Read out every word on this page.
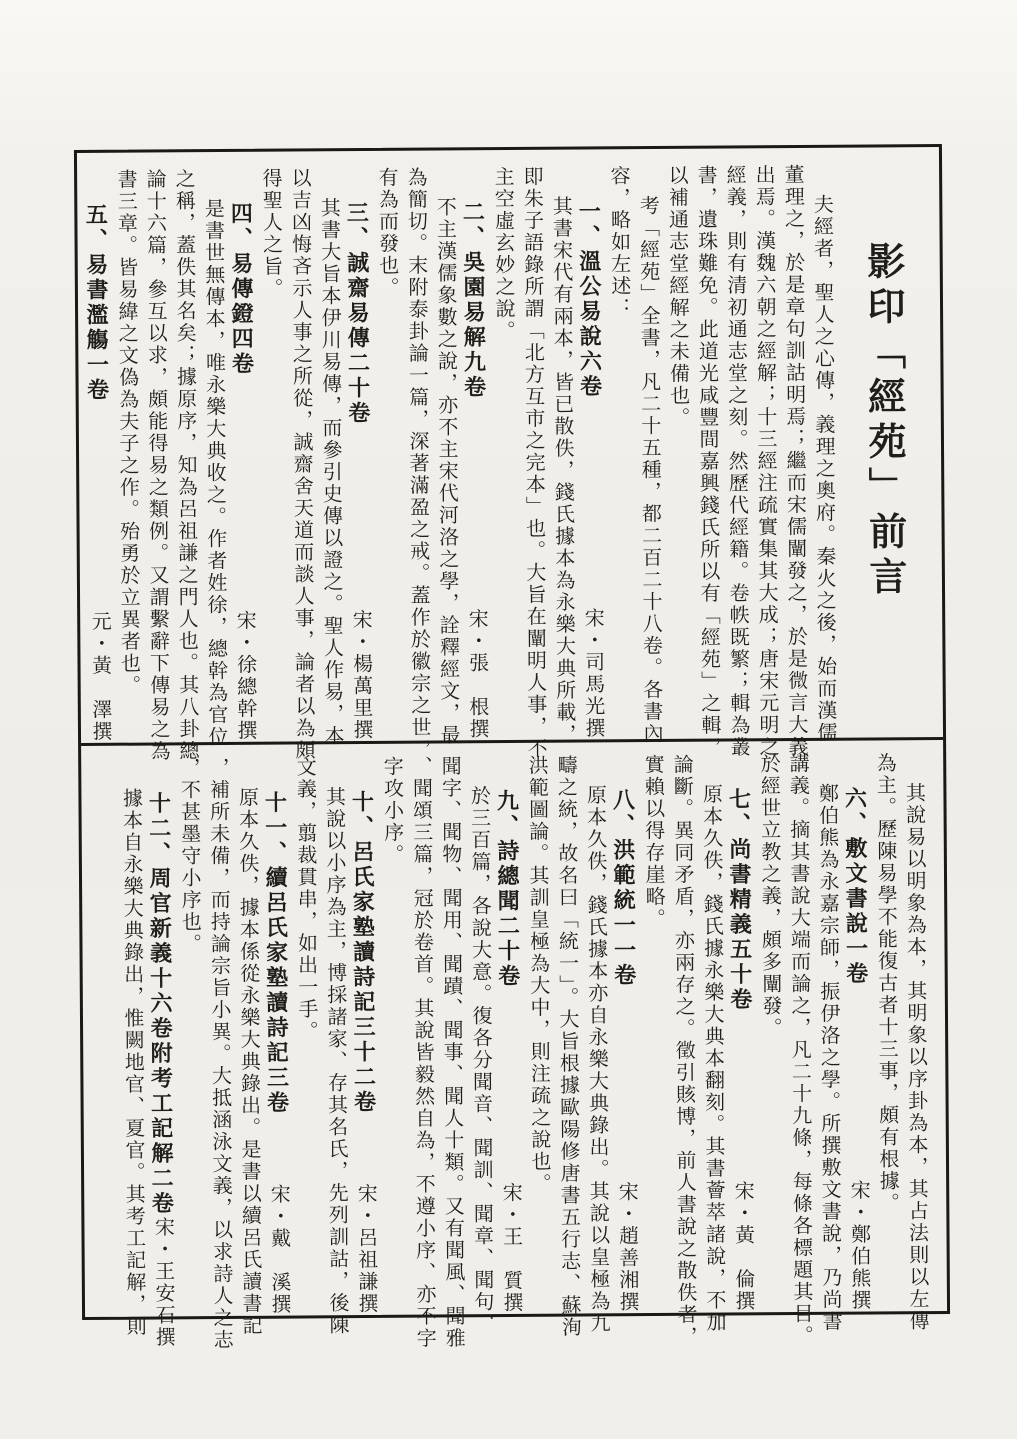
影印「經苑」前言
夫經者，聖人之心傳，義理之奧府。秦火之後，始而漢儒
董理之，於是章句訓詁明焉；繼而宋儒闡發之，於是微言大義
出焉。漢魏六朝之經解；十三經注疏實集其大成；唐宋元明之
經義，則有清初通志堂之刻。然歷代經籍。卷帙既繁；輯為叢
書，遺珠難免。此道光咸豐間嘉興錢氏所以有「經苑」之輯，
以補通志堂經解之未備也。
考「經苑」全書，凡二十五種，都二百二十八卷。各書內
容，略如左述：
一、溫公易說六卷
宋・司馬光撰
其書宋代有兩本，皆已散佚，錢氏據本為永樂大典所載，
即朱子語錄所謂「北方互市之完本」也。大旨在闡明人事，不
主空虛玄妙之說。
二、吳園易解九卷
宋・張　根撰
不主漢儒象數之說，亦不主宋代河洛之學，詮釋經文，最
為簡切。末附泰卦論一篇，深著滿盈之戒。蓋作於徽宗之世，
有為而發也。
三、誠齋易傳二十卷
宋・楊萬里撰
其書大旨本伊川易傳，而參引史傳以證之。聖人作易，本
以吉凶悔吝示人事之所從，誠齋舍天道而談人事，論者以為頗
得聖人之旨。
四、易傳鐙四卷
宋・徐總幹撰
是書世無傳本，唯永樂大典收之。作者姓徐，總幹為官位
之稱，蓋佚其名矣；據原序，知為呂祖謙之門人也。其八卦總
論十六篇，參互以求，頗能得易之類例。又謂繫辭下傳易之為
書三章。皆易緯之文偽為夫子之作。殆勇於立異者也。
五、易書濫觴一卷
元・黃　澤撰
其說易以明象為本，其明象以序卦為本，其占法則以左傳
為主。歷陳易學不能復古者十三事，頗有根據。
六、敷文書說一卷
宋・鄭伯熊撰
鄭伯熊為永嘉宗師，振伊洛之學。所撰敷文書說，乃尚書
講義。摘其書說大端而論之，凡二十九條，每條各標題其目。
於經世立教之義，頗多闡發。
七、尚書精義五十卷
宋・黃　倫撰
原本久佚，錢氏據永樂大典本翻刻。其書薈萃諸說，不加
論斷。異同矛盾，亦兩存之。徵引賅博，前人書說之散佚者，
實賴以得存崖略。
八、洪範統一一卷
宋・趙善湘撰
原本久佚，錢氏據本亦自永樂大典錄出。其說以皇極為九
疇之統，故名曰「統一」。大旨根據歐陽修唐書五行志、蘇洵
洪範圖論。其訓皇極為大中，則注疏之說也。
九、詩總聞二十卷
宋・王　質撰
於三百篇，各說大意。復各分聞音、聞訓、聞章、聞句、
聞字、聞物、聞用、聞蹟、聞事、聞人十類。又有聞風、聞雅
、聞頌三篇，冠於卷首。其說皆毅然自為，不遵小序、亦不字
字攻小序。
十、呂氏家塾讀詩記三十二卷
宋・呂祖謙撰
其說以小序為主，博採諸家、存其名氏，先列訓詁，後陳
文義，翦裁貫串，如出一手。
十一、續呂氏家塾讀詩記三卷
宋・戴　溪撰
原本久佚，據本係從永樂大典錄出。是書以續呂氏讀書記
，補所未備，而持論宗旨小異。大抵涵泳文義，以求詩人之志
，不甚墨守小序也。
十二、周官新義十六卷附考工記解二卷
宋・王安石撰
據本自永樂大典錄出，惟闕地官、夏官。其考工記解，則
